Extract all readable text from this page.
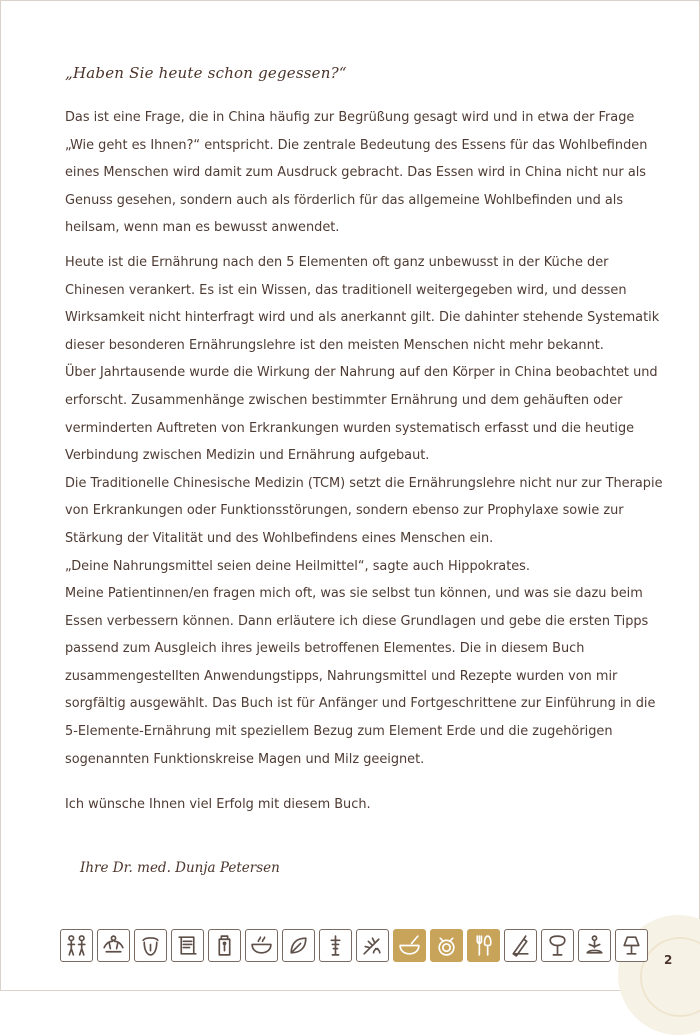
„Haben Sie heute schon gegessen?“

Das ist eine Frage, die in China häufig zur Begrüßung gesagt wird und in etwa der Frage „Wie geht es Ihnen?“ entspricht. Die zentrale Bedeutung des Essens für das Wohlbefinden eines Menschen wird damit zum Ausdruck gebracht. Das Essen wird in China nicht nur als Genuss gesehen, sondern auch als förderlich für das allgemeine Wohlbefinden und als heilsam, wenn man es bewusst anwendet.

Heute ist die Ernährung nach den 5 Elementen oft ganz unbewusst in der Küche der Chinesen verankert. Es ist ein Wissen, das traditionell weitergegeben wird, und dessen Wirksamkeit nicht hinterfragt wird und als anerkannt gilt. Die dahinter stehende Systematik dieser besonderen Ernährungslehre ist den meisten Menschen nicht mehr bekannt.

Über Jahrtausende wurde die Wirkung der Nahrung auf den Körper in China beobachtet und erforscht. Zusammenhänge zwischen bestimmter Ernährung und dem gehäuften oder verminderten Auftreten von Erkrankungen wurden systematisch erfasst und die heutige Verbindung zwischen Medizin und Ernährung aufgebaut.

Die Traditionelle Chinesische Medizin (TCM) setzt die Ernährungslehre nicht nur zur Therapie von Erkrankungen oder Funktionsstörungen, sondern ebenso zur Prophylaxe sowie zur Stärkung der Vitalität und des Wohlbefindens eines Menschen ein.

„Deine Nahrungsmittel seien deine Heilmittel“, sagte auch Hippokrates.

Meine Patientinnen/en fragen mich oft, was sie selbst tun können, und was sie dazu beim Essen verbessern können. Dann erläutere ich diese Grundlagen und gebe die ersten Tipps passend zum Ausgleich ihres jeweils betroffenen Elementes. Die in diesem Buch zusammengestellten Anwendungstipps, Nahrungsmittel und Rezepte wurden von mir sorgfältig ausgewählt. Das Buch ist für Anfänger und Fortgeschrittene zur Einführung in die 5-Elemente-Ernährung mit speziellem Bezug zum Element Erde und die zugehörigen sogenannten Funktionskreise Magen und Milz geeignet.

Ich wünsche Ihnen viel Erfolg mit diesem Buch.

Ihre Dr. med. Dunja Petersen
2
